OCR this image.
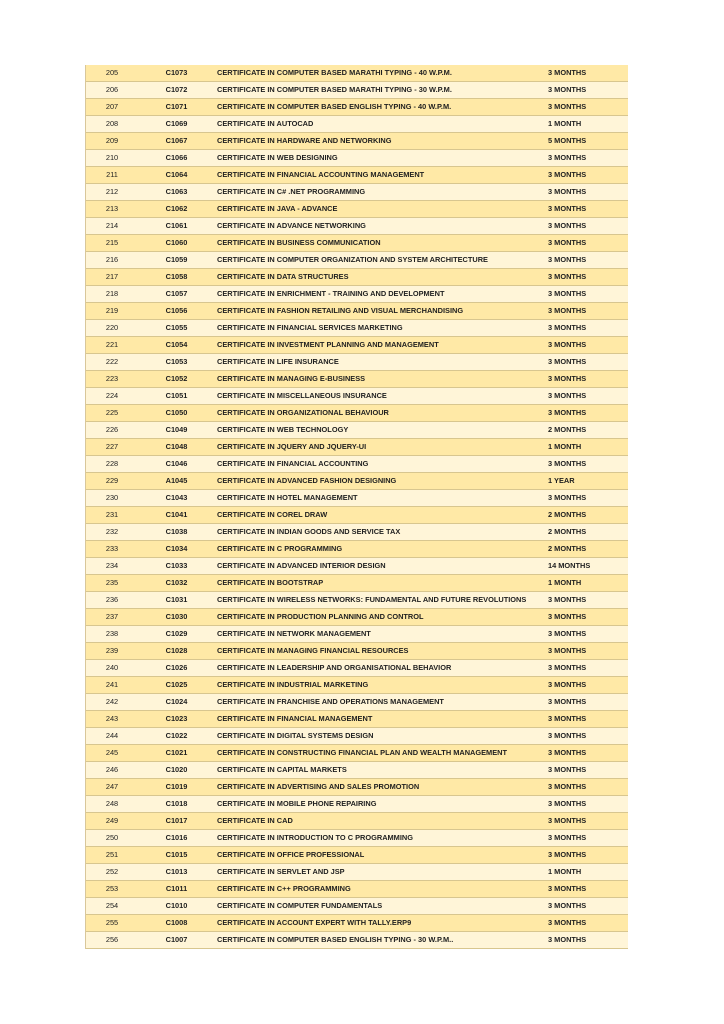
205	C1073	CERTIFICATE IN COMPUTER BASED MARATHI TYPING - 40 W.P.M.	3 MONTHS
206	C1072	CERTIFICATE IN COMPUTER BASED MARATHI TYPING - 30 W.P.M.	3 MONTHS
207	C1071	CERTIFICATE IN COMPUTER BASED ENGLISH TYPING - 40 W.P.M.	3 MONTHS
208	C1069	CERTIFICATE IN AUTOCAD	1 MONTH
209	C1067	CERTIFICATE IN HARDWARE AND NETWORKING	5 MONTHS
210	C1066	CERTIFICATE IN WEB DESIGNING	3 MONTHS
211	C1064	CERTIFICATE IN FINANCIAL ACCOUNTING MANAGEMENT	3 MONTHS
212	C1063	CERTIFICATE IN C# .NET PROGRAMMING	3 MONTHS
213	C1062	CERTIFICATE IN JAVA - ADVANCE	3 MONTHS
214	C1061	CERTIFICATE IN ADVANCE NETWORKING	3 MONTHS
215	C1060	CERTIFICATE IN BUSINESS COMMUNICATION	3 MONTHS
216	C1059	CERTIFICATE IN COMPUTER ORGANIZATION AND SYSTEM ARCHITECTURE	3 MONTHS
217	C1058	CERTIFICATE IN DATA STRUCTURES	3 MONTHS
218	C1057	CERTIFICATE IN ENRICHMENT - TRAINING AND DEVELOPMENT	3 MONTHS
219	C1056	CERTIFICATE IN FASHION RETAILING AND VISUAL MERCHANDISING	3 MONTHS
220	C1055	CERTIFICATE IN FINANCIAL SERVICES MARKETING	3 MONTHS
221	C1054	CERTIFICATE IN INVESTMENT PLANNING AND MANAGEMENT	3 MONTHS
222	C1053	CERTIFICATE IN LIFE INSURANCE	3 MONTHS
223	C1052	CERTIFICATE IN MANAGING E-BUSINESS	3 MONTHS
224	C1051	CERTIFICATE IN MISCELLANEOUS INSURANCE	3 MONTHS
225	C1050	CERTIFICATE IN ORGANIZATIONAL BEHAVIOUR	3 MONTHS
226	C1049	CERTIFICATE IN WEB TECHNOLOGY	2 MONTHS
227	C1048	CERTIFICATE IN JQUERY AND JQUERY-UI	1 MONTH
228	C1046	CERTIFICATE IN FINANCIAL ACCOUNTING	3 MONTHS
229	A1045	CERTIFICATE IN ADVANCED FASHION DESIGNING	1 YEAR
230	C1043	CERTIFICATE IN HOTEL MANAGEMENT	3 MONTHS
231	C1041	CERTIFICATE IN COREL DRAW	2 MONTHS
232	C1038	CERTIFICATE IN INDIAN GOODS AND SERVICE TAX	2 MONTHS
233	C1034	CERTIFICATE IN C PROGRAMMING	2 MONTHS
234	C1033	CERTIFICATE IN ADVANCED INTERIOR DESIGN	14 MONTHS
235	C1032	CERTIFICATE IN BOOTSTRAP	1 MONTH
236	C1031	CERTIFICATE IN WIRELESS NETWORKS: FUNDAMENTAL AND FUTURE REVOLUTIONS	3 MONTHS
237	C1030	CERTIFICATE IN PRODUCTION PLANNING AND CONTROL	3 MONTHS
238	C1029	CERTIFICATE IN NETWORK MANAGEMENT	3 MONTHS
239	C1028	CERTIFICATE IN MANAGING FINANCIAL RESOURCES	3 MONTHS
240	C1026	CERTIFICATE IN LEADERSHIP AND ORGANISATIONAL BEHAVIOR	3 MONTHS
241	C1025	CERTIFICATE IN INDUSTRIAL MARKETING	3 MONTHS
242	C1024	CERTIFICATE IN FRANCHISE AND OPERATIONS MANAGEMENT	3 MONTHS
243	C1023	CERTIFICATE IN FINANCIAL MANAGEMENT	3 MONTHS
244	C1022	CERTIFICATE IN DIGITAL SYSTEMS DESIGN	3 MONTHS
245	C1021	CERTIFICATE IN CONSTRUCTING FINANCIAL PLAN AND WEALTH MANAGEMENT	3 MONTHS
246	C1020	CERTIFICATE IN CAPITAL MARKETS	3 MONTHS
247	C1019	CERTIFICATE IN ADVERTISING AND SALES PROMOTION	3 MONTHS
248	C1018	CERTIFICATE IN MOBILE PHONE REPAIRING	3 MONTHS
249	C1017	CERTIFICATE IN CAD	3 MONTHS
250	C1016	CERTIFICATE IN INTRODUCTION TO C PROGRAMMING	3 MONTHS
251	C1015	CERTIFICATE IN OFFICE PROFESSIONAL	3 MONTHS
252	C1013	CERTIFICATE IN SERVLET AND JSP	1 MONTH
253	C1011	CERTIFICATE IN C++ PROGRAMMING	3 MONTHS
254	C1010	CERTIFICATE IN COMPUTER FUNDAMENTALS	3 MONTHS
255	C1008	CERTIFICATE IN ACCOUNT EXPERT WITH TALLY.ERP9	3 MONTHS
256	C1007	CERTIFICATE IN COMPUTER BASED ENGLISH TYPING - 30 W.P.M..	3 MONTHS
